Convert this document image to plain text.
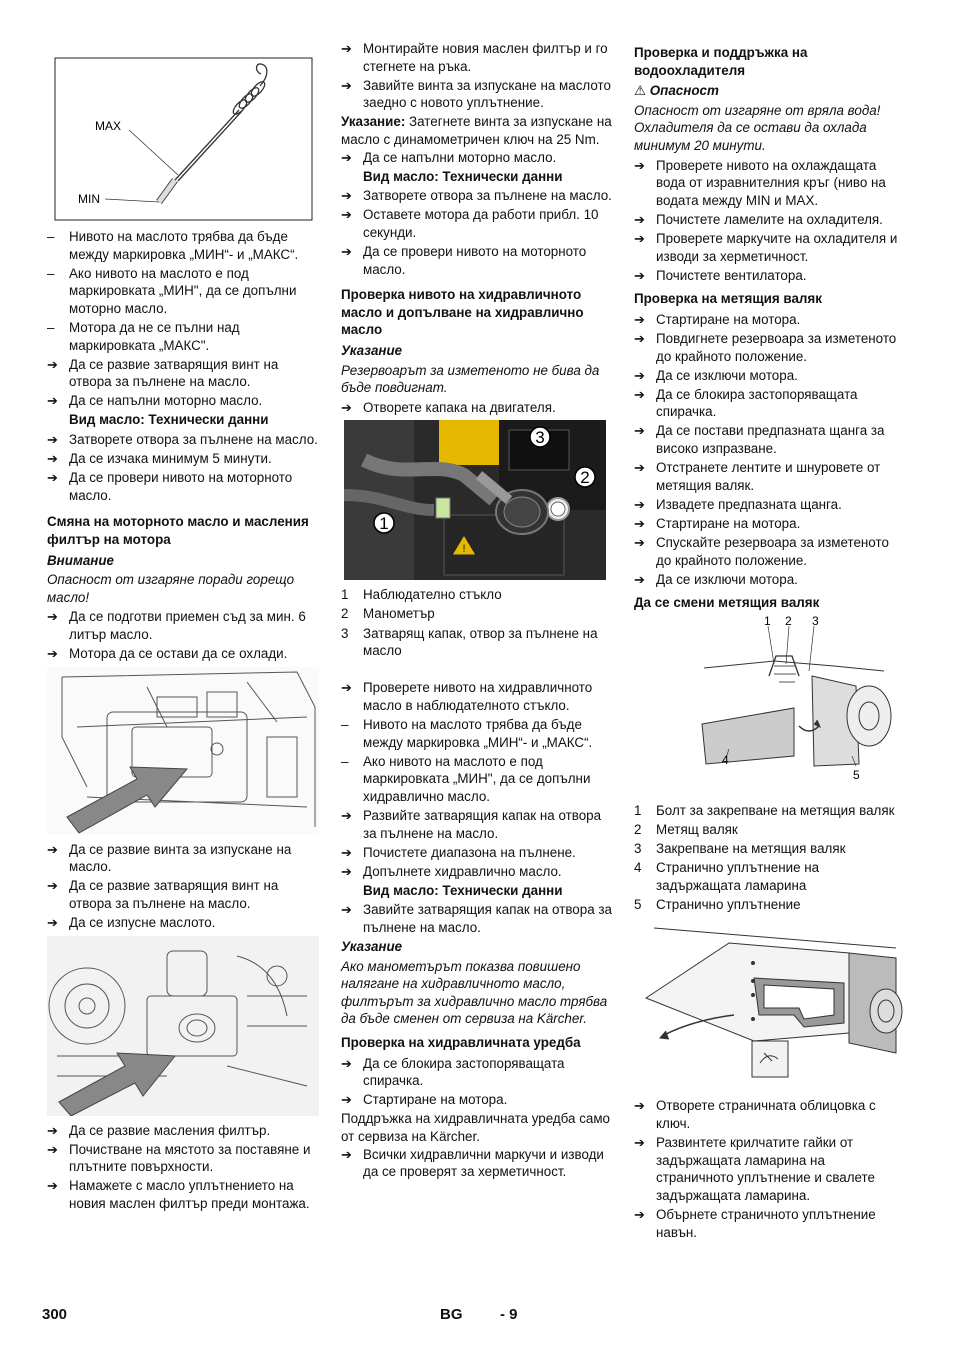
MAX
MIN
–	Нивото на маслото трябва да бъде между маркировка „МИН“- и „МАКС“.
–	Ако нивото на маслото е под маркировката „МИН", да се допълни моторно масло.
–	Мотора да не се пълни над маркировката „МАКС".
➔ Да се развие затварящия винт на отвора за пълнене на масло.
➔ Да се напълни моторно масло.
Вид масло: Технически данни
➔ Затворете отвора за пълнене на масло.
➔ Да се изчака минимум 5 минути.
➔ Да се провери нивото на моторното масло.
Смяна на моторното масло и масления филтър на мотора
Внимание
Опасност от изгаряне поради горещо масло!
➔ Да се подготви приемен съд за мин. 6 литър масло.
➔ Мотора да се остави да се охлади.
➔ Да се развие винта за изпускане на масло.
➔ Да се развие затварящия винт на отвора за пълнене на масло.
➔ Да се изпусне маслото.
➔ Да се развие масления филтър.
➔ Почистване на мястото за поставяне и плътните повърхности.
➔ Намажете с масло уплътнението на новия маслен филтър преди монтажа.
➔ Монтирайте новия маслен филтър и го стегнете на ръка.
➔ Завийте винта за изпускане на маслото заедно с новото уплътнение.

Указание: Затегнете винта за изпускане на масло с динамометричен ключ на 25 Nm.

➔ Да се напълни моторно масло.
Вид масло: Технически данни
➔ Затворете отвора за пълнене на масло.
➔ Оставете мотора да работи прибл. 10 секунди.
➔ Да се провери нивото на моторното масло.
Проверка нивото на хидравличното масло и допълване на хидравлично масло
Указание
Резервоарът за изметеното не бива да бъде повдигнат.
➔ Отворете капака на двигателя.
!
1
2
3
1	Наблюдателно стъкло
2	Манометър
3	Затварящ капак, отвор за пълнене на масло
➔ Проверете нивото на хидравличното масло в наблюдателното стъкло.
–	Нивото на маслото трябва да бъде между маркировка „МИН“- и „МАКС“.
–	Ако нивото на маслото е под маркировката „МИН", да се допълни хидравлично масло.
➔ Развийте затварящия капак на отвора за пълнене на масло.
➔ Почистете диапазона на пълнене.
➔ Допълнете хидравлично масло.
Вид масло: Технически данни
➔ Завийте затварящия капак на отвора за пълнене на масло.
Указание
Ако манометърът показва повишено налягане на хидравличното масло, филтърът за хидравлично масло трябва да бъде сменен от сервиза на Kärcher.
Проверка на хидравличната уредба
➔ Да се блокира застопоряващата спирачка.
➔ Стартиране на мотора.

Поддръжка на хидравличната уредба само от сервиза на Kärcher.

➔ Всички хидравлични маркучи и изводи да се проверят за херметичност.
Проверка и поддръжка на водоохладителя
⚠ Опасност
Опасност от изгаряне от вряла вода! Охладителя да се остави да охлада минимум 20 минути.
➔ Проверете нивото на охлаждащата вода от изравнителния кръг (ниво на водата между MIN и MAX.
➔ Почистете ламелите на охладителя.
➔ Проверете маркучите на охладителя и изводи за херметичност.
➔ Почистете вентилатора.
Проверка на метящия валяк
➔ Стартиране на мотора.
➔ Повдигнете резервоара за изметеното до крайното положение.
➔ Да се изключи мотора.
➔ Да се блокира застопоряващата спирачка.
➔ Да се постави предпазната щанга за високо изпразване.
➔ Отстранете лентите и шнуровете от метящия валяк.
➔ Извадете предпазната щанга.
➔ Стартиране на мотора.
➔ Спускайте резервоара за изметеното до крайното положение.
➔ Да се изключи мотора.
Да се смени метящия валяк
1 2 3
4
5
1	Болт за закрепване на метящия валяк
2	Метящ валяк
3	Закрепване на метящия валяк
4	Странично уплътнение на задържащата ламарина
5	Странично уплътнение
➔ Отворете страничната облицовка с ключ.
➔ Развинтете крилчатите гайки от задържащата ламарина на страничното уплътнение и свалете задържащата ламарина.
➔ Обърнете страничното уплътнение навън.
300	BG	- 9
